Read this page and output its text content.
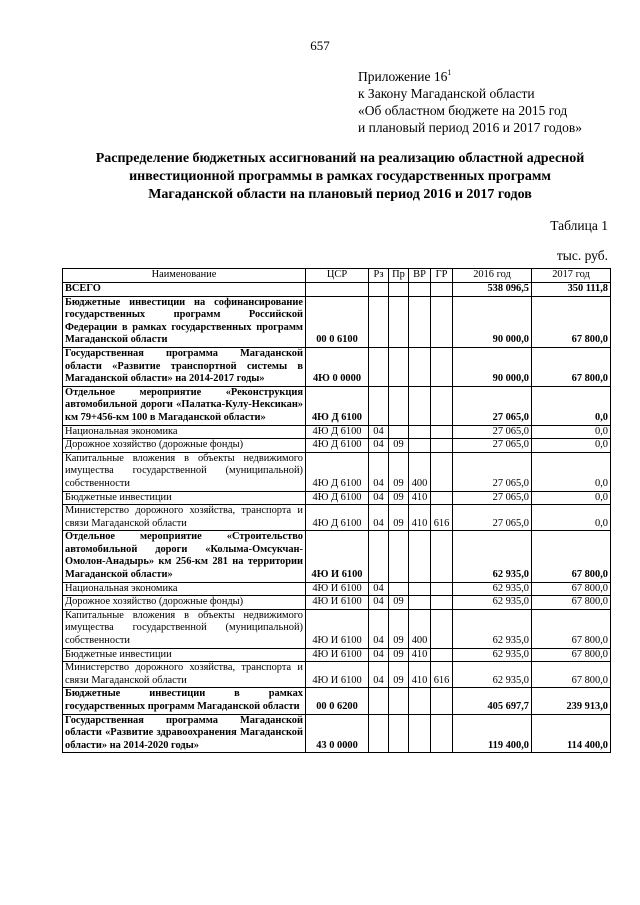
657
Приложение $16^1$
к Закону Магаданской области
«Об областном бюджете на 2015 год
и плановый период 2016 и 2017 годов»
Распределение бюджетных ассигнований на реализацию областной адресной
инвестиционной программы в рамках государственных программ
Магаданской области на плановый период 2016 и 2017 годов
Таблица 1
тыс. руб.
Наименование	ЦСР	Рз	Пр	ВР	ГР	2016 год	2017 год
ВСЕГО						538 096,5	350 111,8
Бюджетные инвестиции на софинансирование государственных программ Российской Федерации в рамках государственных программ Магаданской области	00 0 6100					90 000,0	67 800,0
Государственная программа Магаданской области «Развитие транспортной системы в Магаданской области» на 2014-2017 годы»	4Ю 0 0000					90 000,0	67 800,0
Отдельное мероприятие «Реконструкция автомобильной дороги «Палатка-Кулу-Нексикан» км 79+456-км 100 в Магаданской области»	4Ю Д 6100					27 065,0	0,0
Национальная экономика	4Ю Д 6100	04				27 065,0	0,0
Дорожное хозяйство (дорожные фонды)	4Ю Д 6100	04	09			27 065,0	0,0
Капитальные вложения в объекты недвижимого имущества государственной (муниципальной) собственности	4Ю Д 6100	04	09	400		27 065,0	0,0
Бюджетные инвестиции	4Ю Д 6100	04	09	410		27 065,0	0,0
Министерство дорожного хозяйства, транспорта и связи Магаданской области	4Ю Д 6100	04	09	410	616	27 065,0	0,0
Отдельное мероприятие «Строительство автомобильной дороги «Колыма-Омсукчан-Омолон-Анадырь» км 256-км 281 на территории Магаданской области»	4Ю И 6100					62 935,0	67 800,0
Национальная экономика	4Ю И 6100	04				62 935,0	67 800,0
Дорожное хозяйство (дорожные фонды)	4Ю И 6100	04	09			62 935,0	67 800,0
Капитальные вложения в объекты недвижимого имущества государственной (муниципальной) собственности	4Ю И 6100	04	09	400		62 935,0	67 800,0
Бюджетные инвестиции	4Ю И 6100	04	09	410		62 935,0	67 800,0
Министерство дорожного хозяйства, транспорта и связи Магаданской области	4Ю И 6100	04	09	410	616	62 935,0	67 800,0
Бюджетные инвестиции в рамках государственных программ Магаданской области	00 0 6200					405 697,7	239 913,0
Государственная программа Магаданской области «Развитие здравоохранения Магаданской области» на 2014-2020 годы»	43 0 0000					119 400,0	114 400,0
